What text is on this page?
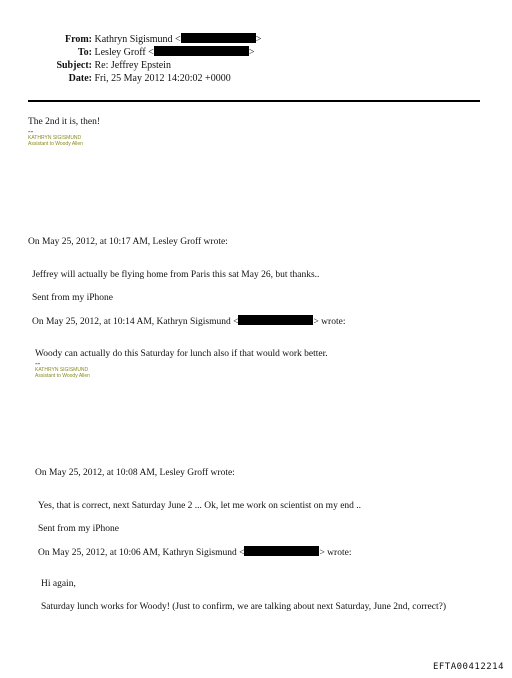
From: Kathryn Sigismund <	>
To: Lesley Groff <	>
Subject: Re: Jeffrey Epstein
Date: Fri, 25 May 2012 14:20:02 +0000
The 2nd it is, then!
--
KATHRYN SIGISMUND
Assistant to Woody Allen
On May 25, 2012, at 10:17 AM, Lesley Groff wrote:
Jeffrey will actually be flying home from Paris this sat May 26, but thanks..
Sent from my iPhone
On May 25, 2012, at 10:14 AM, Kathryn Sigismund <	> wrote:
Woody can actually do this Saturday for lunch also if that would work better.
--
KATHRYN SIGISMUND
Assistant to Woody Allen
On May 25, 2012, at 10:08 AM, Lesley Groff wrote:
Yes, that is correct, next Saturday June 2 ... Ok, let me work on scientist on my end ..
Sent from my iPhone
On May 25, 2012, at 10:06 AM, Kathryn Sigismund <	> wrote:
Hi again,
Saturday lunch works for Woody! (Just to confirm, we are talking about next Saturday, June 2nd, correct?)
EFTA00412214
